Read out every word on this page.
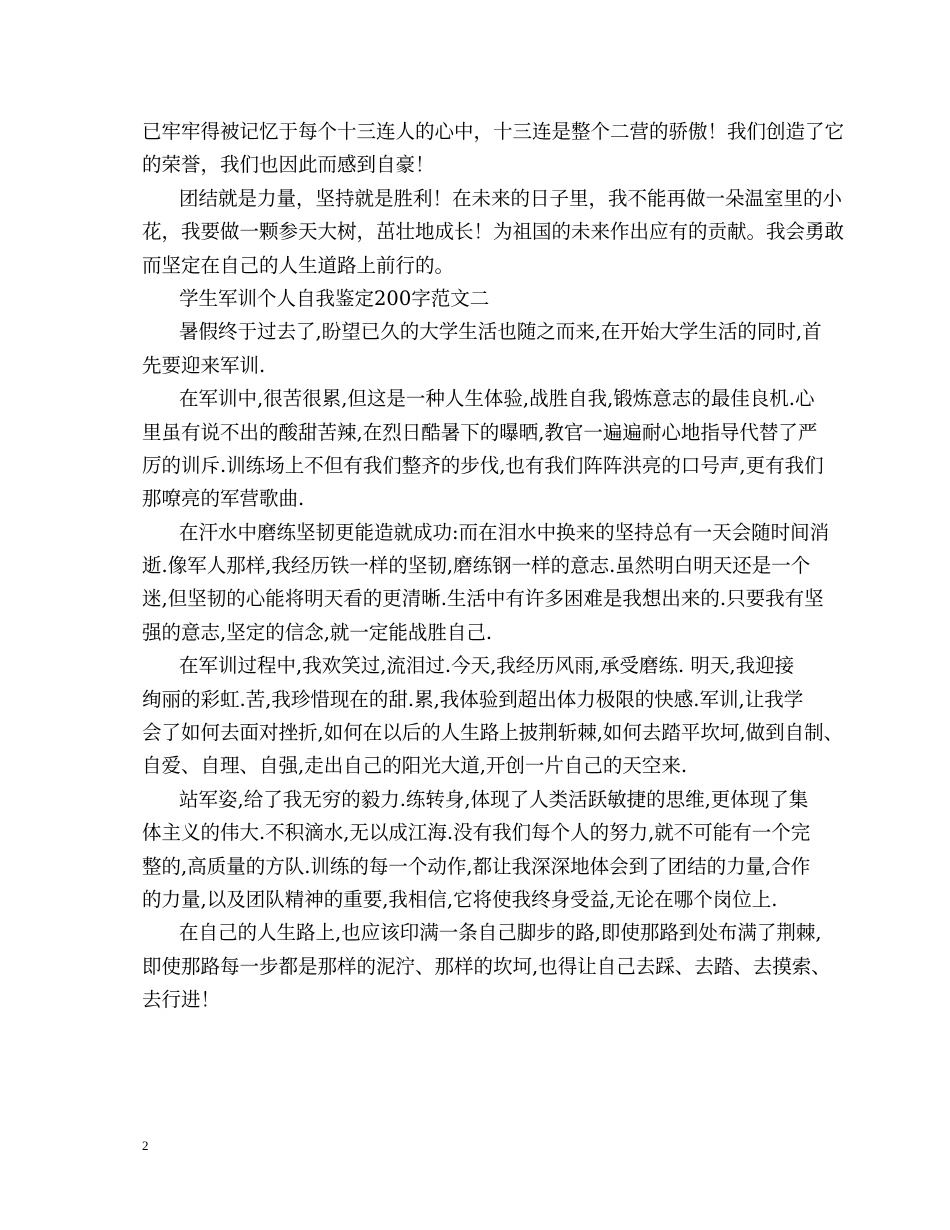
已牢牢得被记忆于每个十三连人的心中，十三连是整个二营的骄傲！我们创造了它
的荣誉，我们也因此而感到自豪！
团结就是力量，坚持就是胜利！在未来的日子里，我不能再做一朵温室里的小
花，我要做一颗参天大树，茁壮地成长！为祖国的未来作出应有的贡献。我会勇敢
而坚定在自己的人生道路上前行的。
学生军训个人自我鉴定200字范文二
暑假终于过去了,盼望已久的大学生活也随之而来,在开始大学生活的同时,首
先要迎来军训.
在军训中,很苦很累,但这是一种人生体验,战胜自我,锻炼意志的最佳良机.心
里虽有说不出的酸甜苦辣,在烈日酷暑下的曝晒,教官一遍遍耐心地指导代替了严
厉的训斥.训练场上不但有我们整齐的步伐,也有我们阵阵洪亮的口号声,更有我们
那嘹亮的军营歌曲.
在汗水中磨练坚韧更能造就成功:而在泪水中换来的坚持总有一天会随时间消
逝.像军人那样,我经历铁一样的坚韧,磨练钢一样的意志.虽然明白明天还是一个
迷,但坚韧的心能将明天看的更清晰.生活中有许多困难是我想出来的.只要我有坚
强的意志,坚定的信念,就一定能战胜自己.
在军训过程中,我欢笑过,流泪过.今天,我经历风雨,承受磨练. 明天,我迎接
绚丽的彩虹.苦,我珍惜现在的甜.累,我体验到超出体力极限的快感.军训,让我学
会了如何去面对挫折,如何在以后的人生路上披荆斩棘,如何去踏平坎坷,做到自制、
自爱、自理、自强,走出自己的阳光大道,开创一片自己的天空来.
站军姿,给了我无穷的毅力.练转身,体现了人类活跃敏捷的思维,更体现了集
体主义的伟大.不积滴水,无以成江海.没有我们每个人的努力,就不可能有一个完
整的,高质量的方队.训练的每一个动作,都让我深深地体会到了团结的力量,合作
的力量,以及团队精神的重要,我相信,它将使我终身受益,无论在哪个岗位上.
在自己的人生路上,也应该印满一条自己脚步的路,即使那路到处布满了荆棘,
即使那路每一步都是那样的泥泞、那样的坎坷,也得让自己去踩、去踏、去摸索、
去行进！
2
